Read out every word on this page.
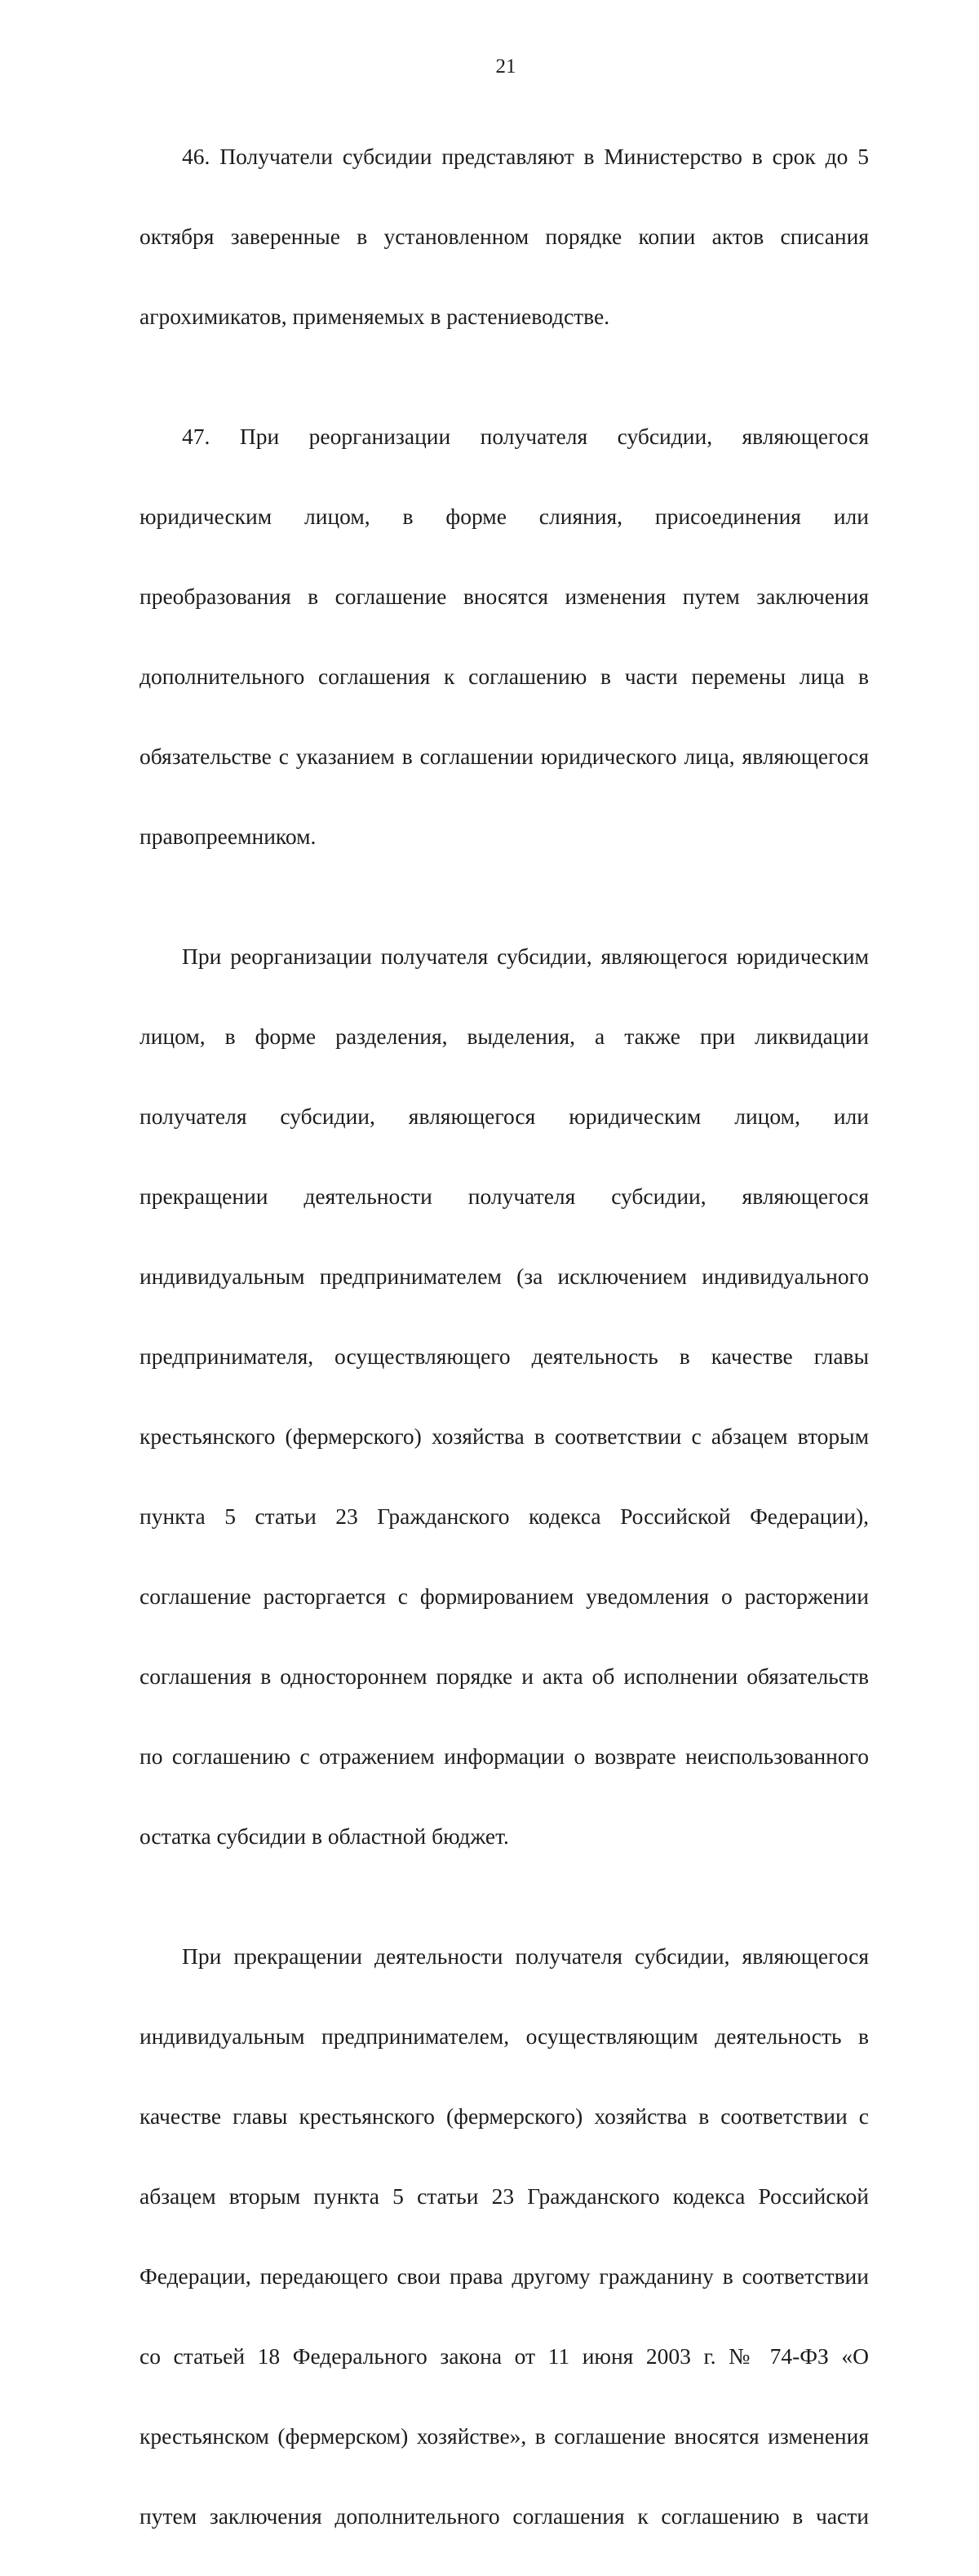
21

46. Получатели субсидии представляют в Министерство в срок до 5

октября заверенные в установленном порядке копии актов списания

агрохимикатов, применяемых в растениеводстве.

47. При реорганизации получателя субсидии, являющегося

юридическим лицом, в форме слияния, присоединения или

преобразования в соглашение вносятся изменения путем заключения

дополнительного соглашения к соглашению в части перемены лица в

обязательстве с указанием в соглашении юридического лица, являющегося

правопреемником.

При реорганизации получателя субсидии, являющегося юридическим

лицом, в форме разделения, выделения, а также при ликвидации

получателя субсидии, являющегося юридическим лицом, или

прекращении деятельности получателя субсидии, являющегося

индивидуальным предпринимателем (за исключением индивидуального

предпринимателя, осуществляющего деятельность в качестве главы

крестьянского (фермерского) хозяйства в соответствии с абзацем вторым

пункта 5 статьи 23 Гражданского кодекса Российской Федерации),

соглашение расторгается с формированием уведомления о расторжении

соглашения в одностороннем порядке и акта об исполнении обязательств

по соглашению с отражением информации о возврате неиспользованного

остатка субсидии в областной бюджет.

При прекращении деятельности получателя субсидии, являющегося

индивидуальным предпринимателем, осуществляющим деятельность в

качестве главы крестьянского (фермерского) хозяйства в соответствии с

абзацем вторым пункта 5 статьи 23 Гражданского кодекса Российской

Федерации, передающего свои права другому гражданину в соответствии

со статьей 18 Федерального закона от 11 июня 2003 г. № 74-ФЗ «О

крестьянском (фермерском) хозяйстве», в соглашение вносятся изменения

путем заключения дополнительного соглашения к соглашению в части
